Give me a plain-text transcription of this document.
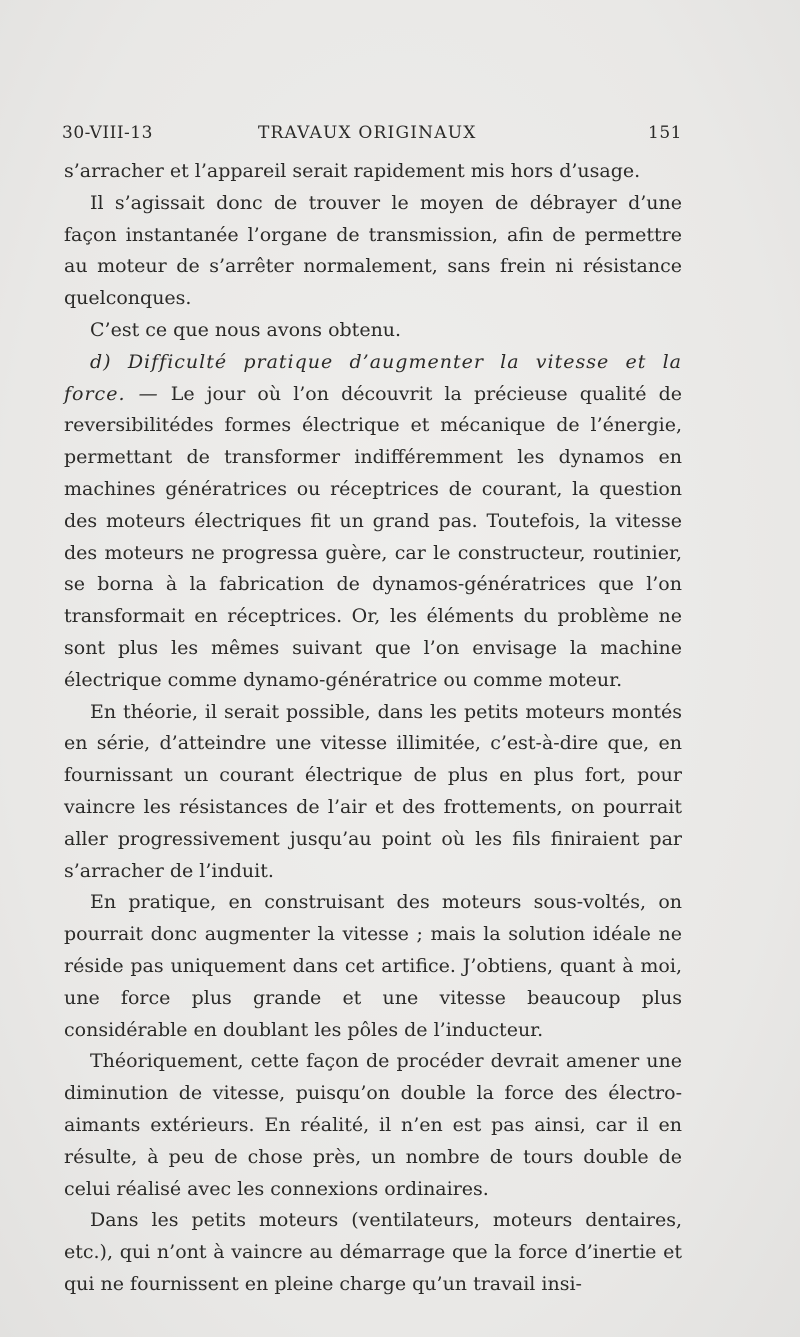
30-VIII-13	TRAVAUX ORIGINAUX	151

s’arracher et l’appareil serait rapidement mis hors d’usage.

Il s’agissait donc de trouver le moyen de débrayer d’une façon instantanée l’organe de transmission, afin de permettre au moteur de s’arrêter normalement, sans frein ni résistance quelconques.

C’est ce que nous avons obtenu.

d) Difficulté pratique d’augmenter la vitesse et la force. — Le jour où l’on découvrit la précieuse qualité de reversibilitédes formes électrique et mécanique de l’énergie, permettant de transformer indifféremment les dynamos en machines génératrices ou réceptrices de courant, la question des moteurs électriques fit un grand pas. Toutefois, la vitesse des moteurs ne progressa guère, car le constructeur, routinier, se borna à la fabrication de dynamos-génératrices que l’on transformait en réceptrices. Or, les éléments du problème ne sont plus les mêmes suivant que l’on envisage la machine électrique comme dynamo-génératrice ou comme moteur.

En théorie, il serait possible, dans les petits moteurs montés en série, d’atteindre une vitesse illimitée, c’est-à-dire que, en fournissant un courant électrique de plus en plus fort, pour vaincre les résistances de l’air et des frottements, on pourrait aller progressivement jusqu’au point où les fils finiraient par s’arracher de l’induit.

En pratique, en construisant des moteurs sous-voltés, on pourrait donc augmenter la vitesse ; mais la solution idéale ne réside pas uniquement dans cet artifice. J’obtiens, quant à moi, une force plus grande et une vitesse beaucoup plus considérable en doublant les pôles de l’inducteur.

Théoriquement, cette façon de procéder devrait amener une diminution de vitesse, puisqu’on double la force des électro-aimants extérieurs. En réalité, il n’en est pas ainsi, car il en résulte, à peu de chose près, un nombre de tours double de celui réalisé avec les connexions ordinaires.

Dans les petits moteurs (ventilateurs, moteurs dentaires, etc.), qui n’ont à vaincre au démarrage que la force d’inertie et qui ne fournissent en pleine charge qu’un travail insi-
